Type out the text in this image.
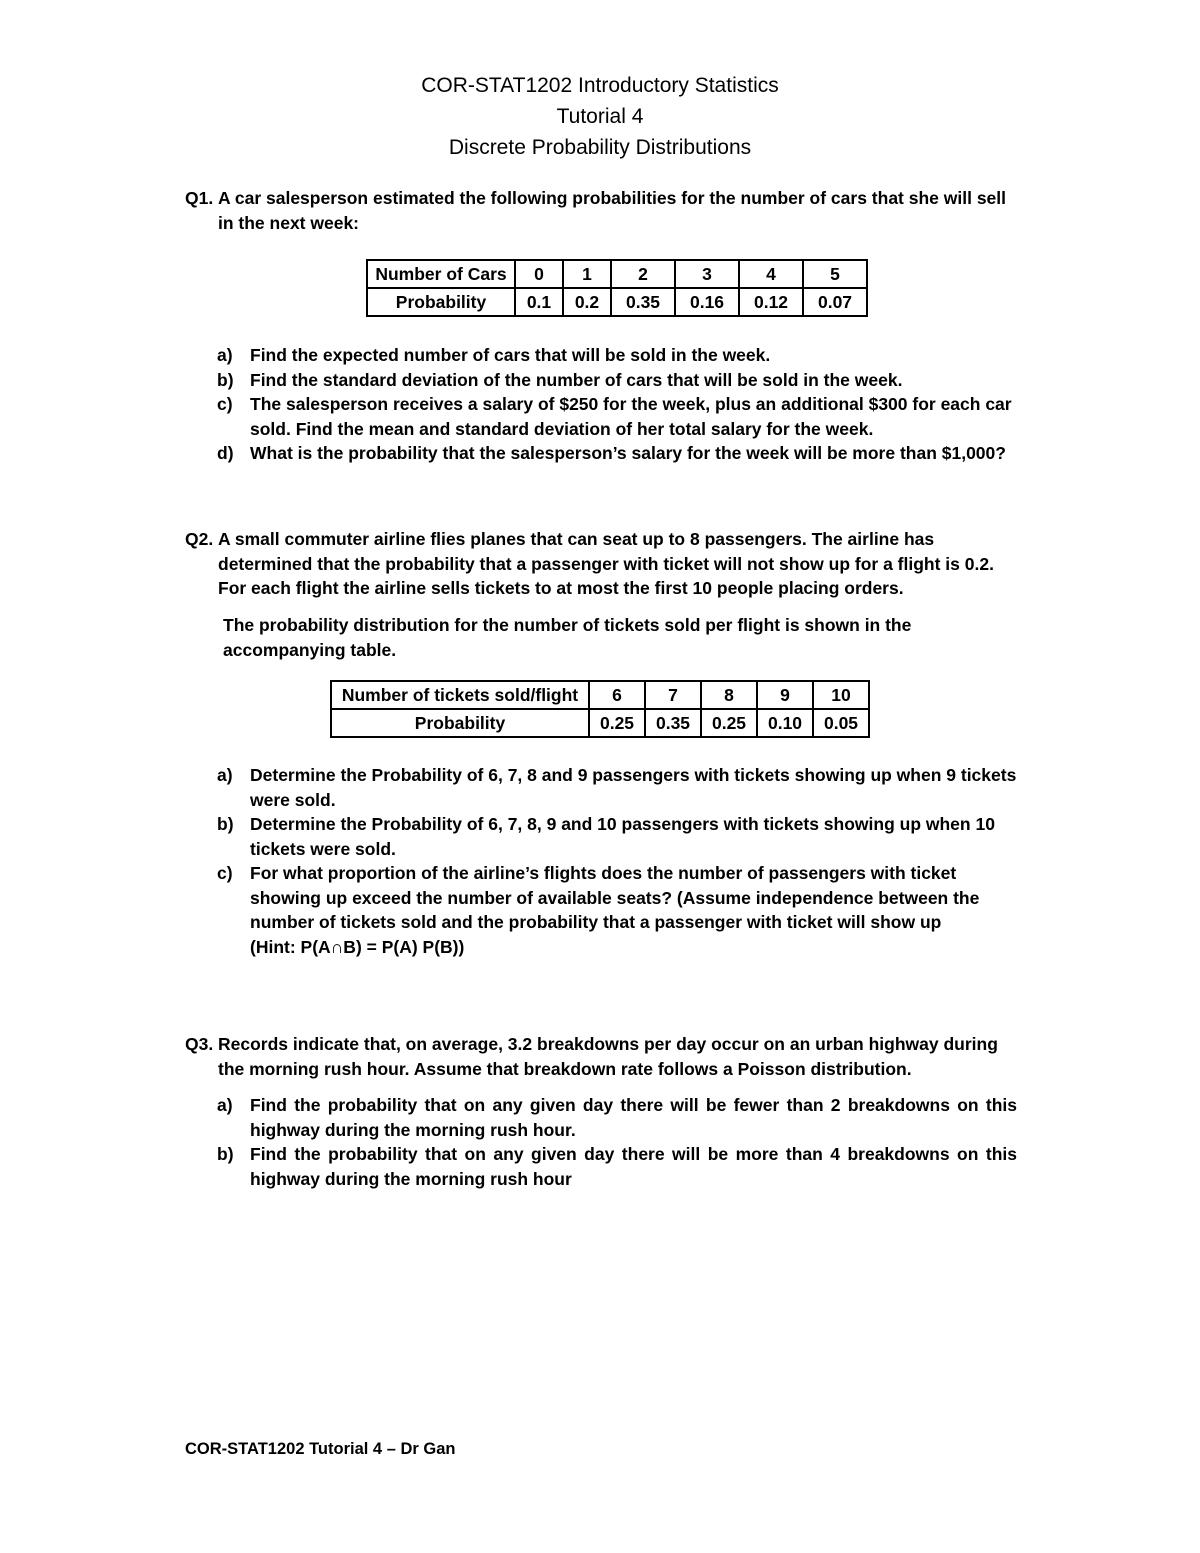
COR-STAT1202 Introductory Statistics
Tutorial 4
Discrete Probability Distributions
Q1. A car salesperson estimated the following probabilities for the number of cars that she will sell in the next week:
Number of Cars	0	1	2	3	4	5
Probability	0.1	0.2	0.35	0.16	0.12	0.07
a) Find the expected number of cars that will be sold in the week.
b) Find the standard deviation of the number of cars that will be sold in the week.
c) The salesperson receives a salary of $250 for the week, plus an additional $300 for each car sold. Find the mean and standard deviation of her total salary for the week.
d) What is the probability that the salesperson’s salary for the week will be more than $1,000?
Q2. A small commuter airline flies planes that can seat up to 8 passengers. The airline has determined that the probability that a passenger with ticket will not show up for a flight is 0.2. For each flight the airline sells tickets to at most the first 10 people placing orders.
The probability distribution for the number of tickets sold per flight is shown in the accompanying table.
Number of tickets sold/flight	6	7	8	9	10
Probability	0.25	0.35	0.25	0.10	0.05
a) Determine the Probability of 6, 7, 8 and 9 passengers with tickets showing up when 9 tickets were sold.
b) Determine the Probability of 6, 7, 8, 9 and 10 passengers with tickets showing up when 10 tickets were sold.
c) For what proportion of the airline’s flights does the number of passengers with ticket showing up exceed the number of available seats? (Assume independence between the number of tickets sold and the probability that a passenger with ticket will show up
(Hint: P(A∩B) = P(A) P(B))
Q3. Records indicate that, on average, 3.2 breakdowns per day occur on an urban highway during the morning rush hour. Assume that breakdown rate follows a Poisson distribution.
a) Find the probability that on any given day there will be fewer than 2 breakdowns on this highway during the morning rush hour.
b) Find the probability that on any given day there will be more than 4 breakdowns on this highway during the morning rush hour
COR-STAT1202 Tutorial 4 – Dr Gan
